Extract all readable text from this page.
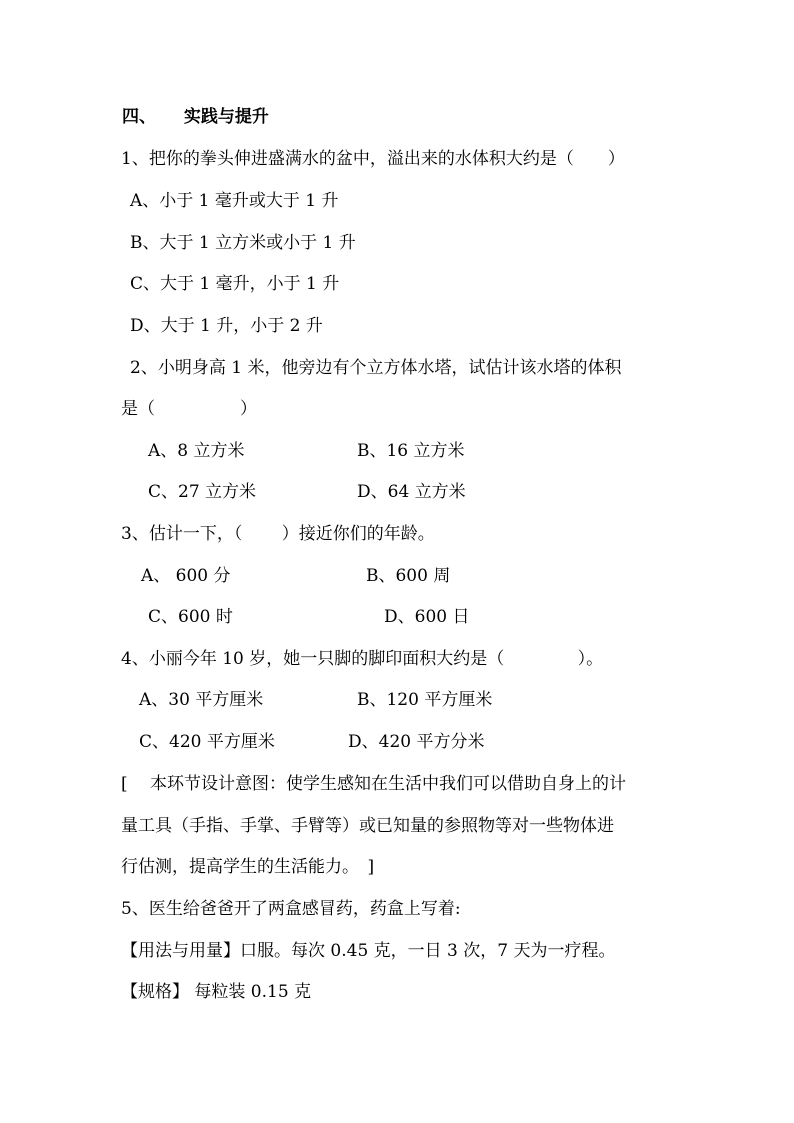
四、 实践与提升
1、把你的拳头伸进盛满水的盆中，溢出来的水体积大约是（　　）
A、小于 1 毫升或大于 1 升
B、大于 1 立方米或小于 1 升
C、大于 1 毫升，小于 1 升
D、大于 1 升，小于 2 升
2、小明身高 1 米，他旁边有个立方体水塔，试估计该水塔的体积
是（　　　　　）
A、8 立方米	B、16 立方米
C、27 立方米	D、64 立方米
3、估计一下，（　　 ）接近你们的年龄。
A、 600 分	B、600 周
C、600 时	D、600 日
4、小丽今年 10 岁，她一只脚的脚印面积大约是（　　　　 ）。
A、30 平方厘米	B、120 平方厘米
C、420 平方厘米	D、420 平方分米
[　 本环节设计意图：使学生感知在生活中我们可以借助自身上的计
量工具（手指、手掌、手臂等）或已知量的参照物等对一些物体进
行估测，提高学生的生活能力。　]
5、医生给爸爸开了两盒感冒药，药盒上写着:
【用法与用量】口服。每次 0.45 克，一日 3 次，7 天为一疗程。
【规格】 每粒装 0.15 克
